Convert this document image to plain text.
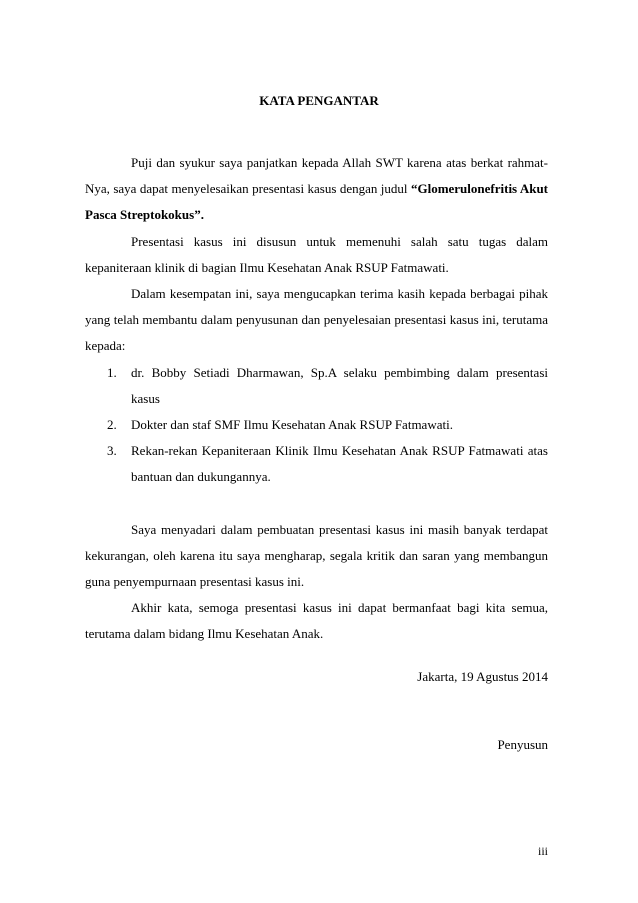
KATA PENGANTAR

Puji dan syukur saya panjatkan kepada Allah SWT karena atas berkat rahmat-Nya, saya dapat menyelesaikan presentasi kasus dengan judul “Glomerulonefritis Akut Pasca Streptokokus”.

Presentasi kasus ini disusun untuk memenuhi salah satu tugas dalam kepaniteraan klinik di bagian Ilmu Kesehatan Anak RSUP Fatmawati.

Dalam kesempatan ini, saya mengucapkan terima kasih kepada berbagai pihak yang telah membantu dalam penyusunan dan penyelesaian presentasi kasus ini, terutama kepada:

1. dr. Bobby Setiadi Dharmawan, Sp.A selaku pembimbing dalam presentasi kasus
2. Dokter dan staf SMF Ilmu Kesehatan Anak RSUP Fatmawati.
3. Rekan-rekan Kepaniteraan Klinik Ilmu Kesehatan Anak RSUP Fatmawati atas bantuan dan dukungannya.

Saya menyadari dalam pembuatan presentasi kasus ini masih banyak terdapat kekurangan, oleh karena itu saya mengharap, segala kritik dan saran yang membangun guna penyempurnaan presentasi kasus ini.

Akhir kata, semoga presentasi kasus ini dapat bermanfaat bagi kita semua, terutama dalam bidang Ilmu Kesehatan Anak.

Jakarta, 19 Agustus 2014
Penyusun
iii
